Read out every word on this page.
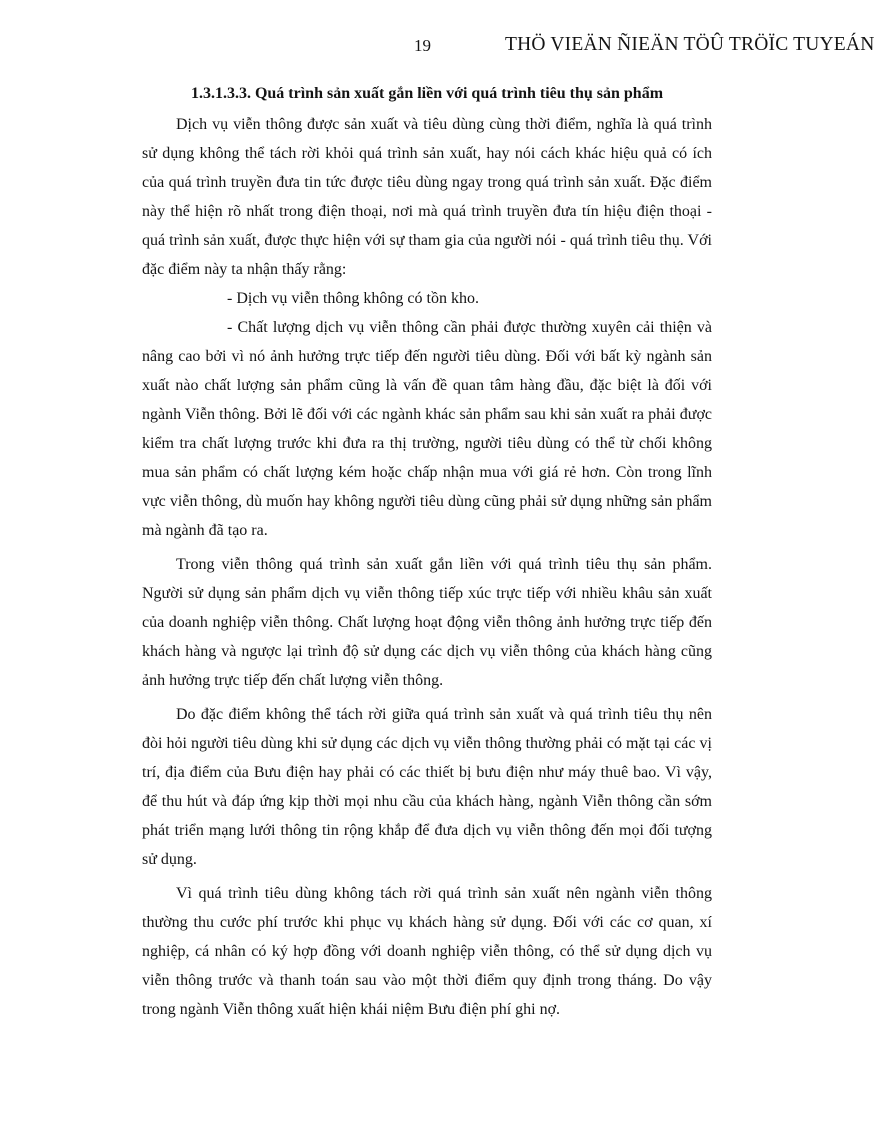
19	THÖ VIEÄN ÑIEÄN TÖÛ TRÖÏC TUYEÁN
1.3.1.3.3. Quá trình sản xuất gắn liền với quá trình tiêu thụ sản phẩm

Dịch vụ viễn thông được sản xuất và tiêu dùng cùng thời điểm, nghĩa là quá trình sử dụng không thể tách rời khỏi quá trình sản xuất, hay nói cách khác hiệu quả có ích của quá trình truyền đưa tin tức được tiêu dùng ngay trong quá trình sản xuất. Đặc điểm này thể hiện rõ nhất trong điện thoại, nơi mà quá trình truyền đưa tín hiệu điện thoại - quá trình sản xuất, được thực hiện với sự tham gia của người nói - quá trình tiêu thụ. Với đặc điểm này ta nhận thấy rằng:

- Dịch vụ viễn thông không có tồn kho.

- Chất lượng dịch vụ viễn thông cần phải được thường xuyên cải thiện và nâng cao bởi vì nó ảnh hưởng trực tiếp đến người tiêu dùng. Đối với bất kỳ ngành sản xuất nào chất lượng sản phẩm cũng là vấn đề quan tâm hàng đầu, đặc biệt là đối với ngành Viễn thông. Bởi lẽ đối với các ngành khác sản phẩm sau khi sản xuất ra phải được kiểm tra chất lượng trước khi đưa ra thị trường, người tiêu dùng có thể từ chối không mua sản phẩm có chất lượng kém hoặc chấp nhận mua với giá rẻ hơn. Còn trong lĩnh vực viễn thông, dù muốn hay không người tiêu dùng cũng phải sử dụng những sản phẩm mà ngành đã tạo ra.

Trong viễn thông quá trình sản xuất gắn liền với quá trình tiêu thụ sản phẩm. Người sử dụng sản phẩm dịch vụ viễn thông tiếp xúc trực tiếp với nhiều khâu sản xuất của doanh nghiệp viễn thông. Chất lượng hoạt động viễn thông ảnh hưởng trực tiếp đến khách hàng và ngược lại trình độ sử dụng các dịch vụ viễn thông của khách hàng cũng ảnh hưởng trực tiếp đến chất lượng viễn thông.

Do đặc điểm không thể tách rời giữa quá trình sản xuất và quá trình tiêu thụ nên đòi hỏi người tiêu dùng khi sử dụng các dịch vụ viễn thông thường phải có mặt tại các vị trí, địa điểm của Bưu điện hay phải có các thiết bị bưu điện như máy thuê bao. Vì vậy, để thu hút và đáp ứng kịp thời mọi nhu cầu của khách hàng, ngành Viễn thông cần sớm phát triển mạng lưới thông tin rộng khắp để đưa dịch vụ viễn thông đến mọi đối tượng sử dụng.

Vì quá trình tiêu dùng không tách rời quá trình sản xuất nên ngành viễn thông thường thu cước phí trước khi phục vụ khách hàng sử dụng. Đối với các cơ quan, xí nghiệp, cá nhân có ký hợp đồng với doanh nghiệp viễn thông, có thể sử dụng dịch vụ viễn thông trước và thanh toán sau vào một thời điểm quy định trong tháng. Do vậy trong ngành Viễn thông xuất hiện khái niệm Bưu điện phí ghi nợ.
